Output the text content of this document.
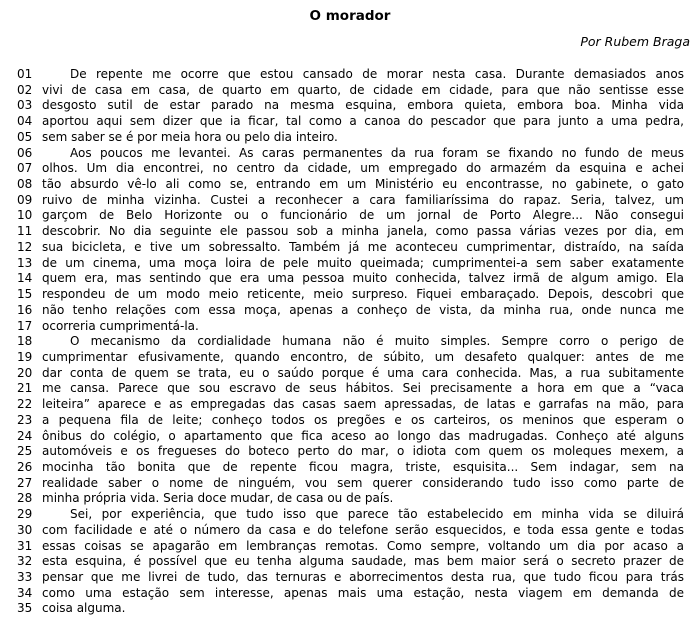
O morador
Por Rubem Braga
01	De repente me ocorre que estou cansado de morar nesta casa. Durante demasiados anos
02 vivi de casa em casa, de quarto em quarto, de cidade em cidade, para que não sentisse esse
03 desgosto sutil de estar parado na mesma esquina, embora quieta, embora boa. Minha vida
04 aportou aqui sem dizer que ia ficar, tal como a canoa do pescador que para junto a uma pedra,
05 sem saber se é por meia hora ou pelo dia inteiro.
06	Aos poucos me levantei. As caras permanentes da rua foram se fixando no fundo de meus
07 olhos. Um dia encontrei, no centro da cidade, um empregado do armazém da esquina e achei
08 tão absurdo vê-lo ali como se, entrando em um Ministério eu encontrasse, no gabinete, o gato
09 ruivo de minha vizinha. Custei a reconhecer a cara familiaríssima do rapaz. Seria, talvez, um
10 garçom de Belo Horizonte ou o funcionário de um jornal de Porto Alegre... Não consegui
11 descobrir. No dia seguinte ele passou sob a minha janela, como passa várias vezes por dia, em
12 sua bicicleta, e tive um sobressalto. Também já me aconteceu cumprimentar, distraído, na saída
13 de um cinema, uma moça loira de pele muito queimada; cumprimentei-a sem saber exatamente
14 quem era, mas sentindo que era uma pessoa muito conhecida, talvez irmã de algum amigo. Ela
15 respondeu de um modo meio reticente, meio surpreso. Fiquei embaraçado. Depois, descobri que
16 não tenho relações com essa moça, apenas a conheço de vista, da minha rua, onde nunca me
17 ocorreria cumprimentá-la.
18	O mecanismo da cordialidade humana não é muito simples. Sempre corro o perigo de
19 cumprimentar efusivamente, quando encontro, de súbito, um desafeto qualquer: antes de me
20 dar conta de quem se trata, eu o saúdo porque é uma cara conhecida. Mas, a rua subitamente
21 me cansa. Parece que sou escravo de seus hábitos. Sei precisamente a hora em que a “vaca
22 leiteira” aparece e as empregadas das casas saem apressadas, de latas e garrafas na mão, para
23 a pequena fila de leite; conheço todos os pregões e os carteiros, os meninos que esperam o
24 ônibus do colégio, o apartamento que fica aceso ao longo das madrugadas. Conheço até alguns
25 automóveis e os fregueses do boteco perto do mar, o idiota com quem os moleques mexem, a
26 mocinha tão bonita que de repente ficou magra, triste, esquisita... Sem indagar, sem na
27 realidade saber o nome de ninguém, vou sem querer considerando tudo isso como parte de
28 minha própria vida. Seria doce mudar, de casa ou de país.
29	Sei, por experiência, que tudo isso que parece tão estabelecido em minha vida se diluirá
30 com facilidade e até o número da casa e do telefone serão esquecidos, e toda essa gente e todas
31 essas coisas se apagarão em lembranças remotas. Como sempre, voltando um dia por acaso a
32 esta esquina, é possível que eu tenha alguma saudade, mas bem maior será o secreto prazer de
33 pensar que me livrei de tudo, das ternuras e aborrecimentos desta rua, que tudo ficou para trás
34 como uma estação sem interesse, apenas mais uma estação, nesta viagem em demanda de
35 coisa alguma.
